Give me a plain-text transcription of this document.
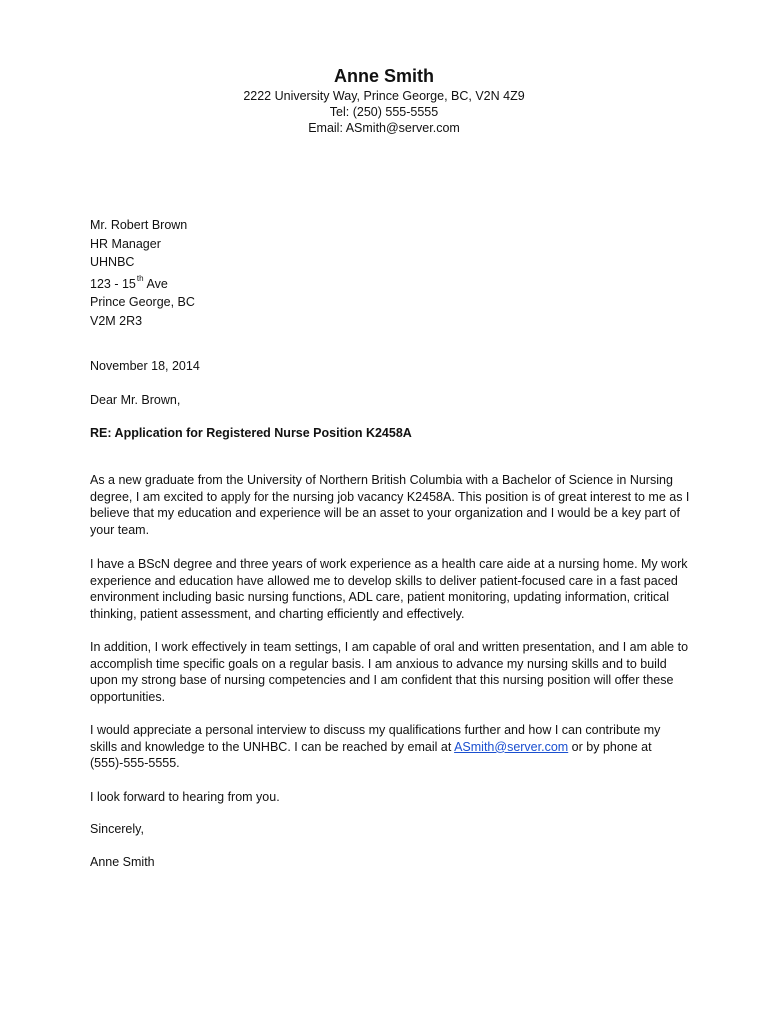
Anne Smith
2222 University Way, Prince George, BC, V2N 4Z9
Tel: (250) 555-5555
Email: ASmith@server.com
Mr. Robert Brown
HR Manager
UHNBC
123 - 15th Ave
Prince George, BC
V2M 2R3
November 18, 2014
Dear Mr. Brown,
RE: Application for Registered Nurse Position K2458A
As a new graduate from the University of Northern British Columbia with a Bachelor of Science in Nursing degree, I am excited to apply for the nursing job vacancy K2458A. This position is of great interest to me as I believe that my education and experience will be an asset to your organization and I would be a key part of your team.
I have a BScN degree and three years of work experience as a health care aide at a nursing home. My work experience and education have allowed me to develop skills to deliver patient-focused care in a fast paced environment including basic nursing functions, ADL care, patient monitoring, updating information, critical thinking, patient assessment, and charting efficiently and effectively.
In addition, I work effectively in team settings, I am capable of oral and written presentation, and I am able to accomplish time specific goals on a regular basis. I am anxious to advance my nursing skills and to build upon my strong base of nursing competencies and I am confident that this nursing position will offer these opportunities.
I would appreciate a personal interview to discuss my qualifications further and how I can contribute my skills and knowledge to the UNHBC. I can be reached by email at ASmith@server.com or by phone at (555)-555-5555.
I look forward to hearing from you.
Sincerely,
Anne Smith
